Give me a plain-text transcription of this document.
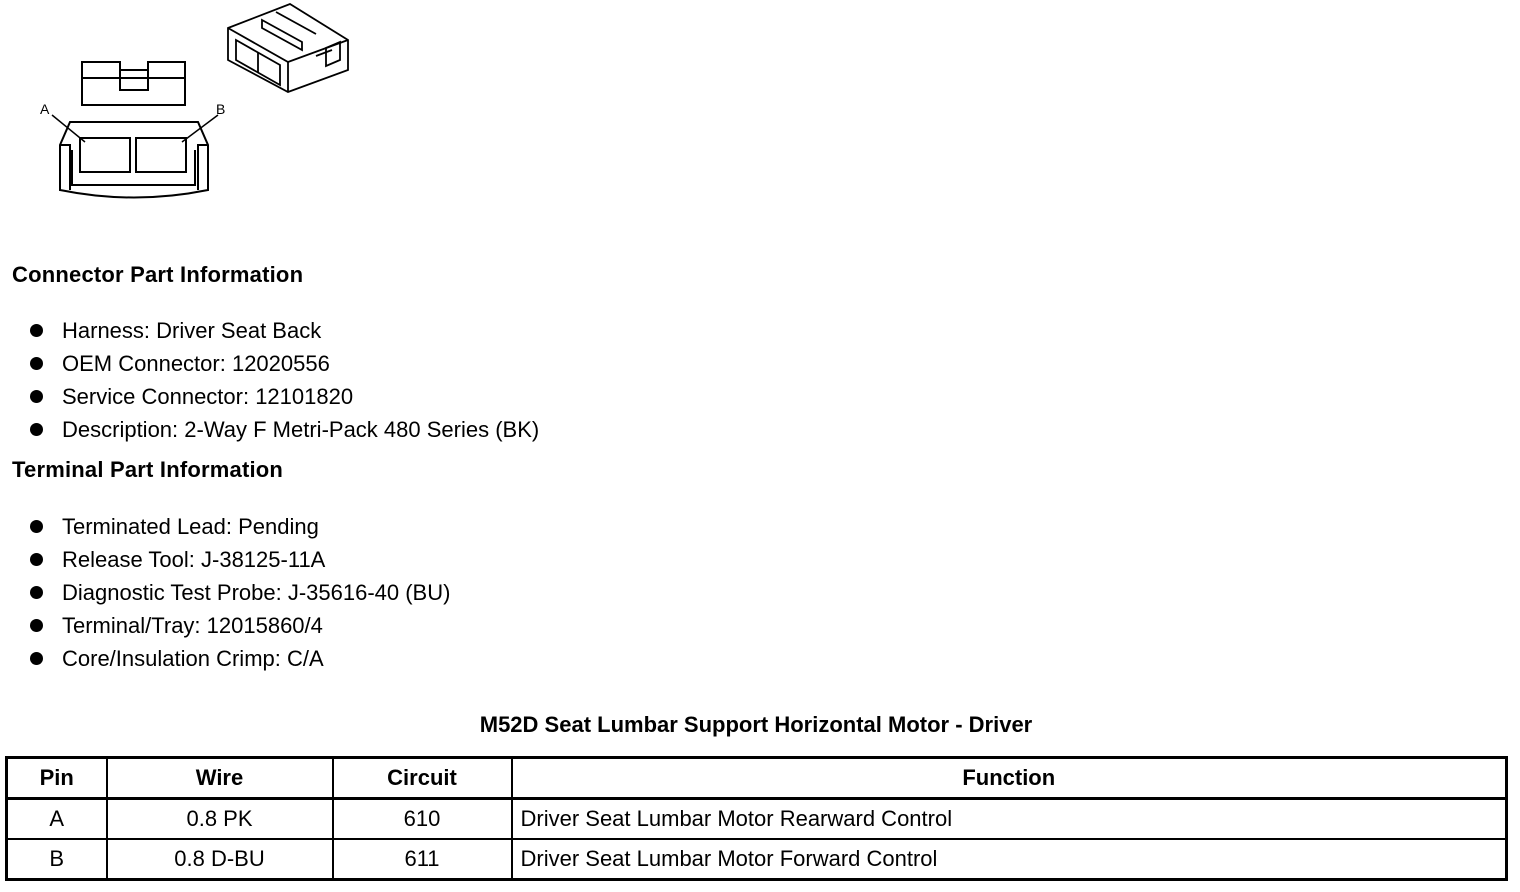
A	B
Connector Part Information
Harness: Driver Seat Back
OEM Connector: 12020556
Service Connector: 12101820
Description: 2-Way F Metri-Pack 480 Series (BK)
Terminal Part Information
Terminated Lead: Pending
Release Tool: J-38125-11A
Diagnostic Test Probe: J-35616-40 (BU)
Terminal/Tray: 12015860/4
Core/Insulation Crimp: C/A
M52D Seat Lumbar Support Horizontal Motor - Driver
Pin	Wire	Circuit	Function
A	0.8 PK	610	Driver Seat Lumbar Motor Rearward Control
B	0.8 D-BU	611	Driver Seat Lumbar Motor Forward Control
